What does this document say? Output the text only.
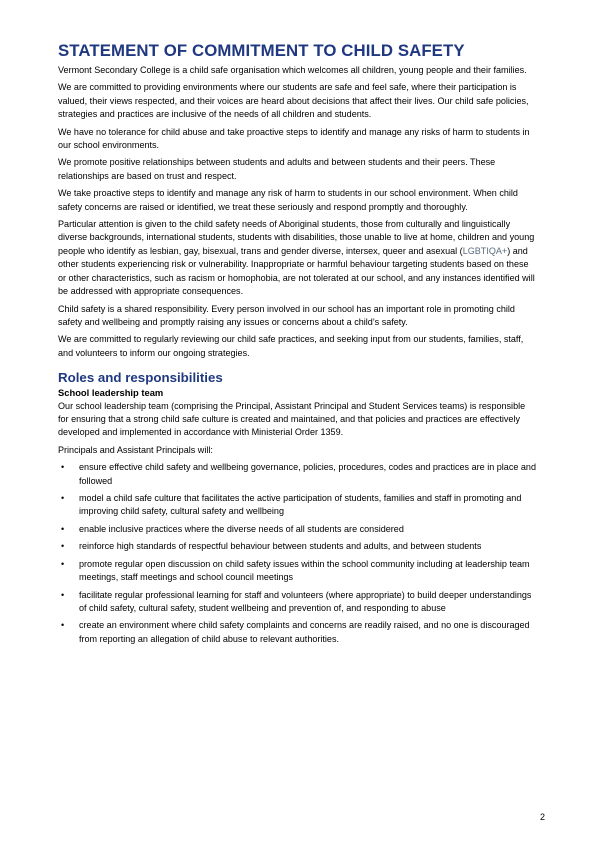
STATEMENT OF COMMITMENT TO CHILD SAFETY

Vermont Secondary College is a child safe organisation which welcomes all children, young people and their families.

We are committed to providing environments where our students are safe and feel safe, where their participation is valued, their views respected, and their voices are heard about decisions that affect their lives. Our child safe policies, strategies and practices are inclusive of the needs of all children and students.

We have no tolerance for child abuse and take proactive steps to identify and manage any risks of harm to students in our school environments.

We promote positive relationships between students and adults and between students and their peers. These relationships are based on trust and respect.

We take proactive steps to identify and manage any risk of harm to students in our school environment. When child safety concerns are raised or identified, we treat these seriously and respond promptly and thoroughly.

Particular attention is given to the child safety needs of Aboriginal students, those from culturally and linguistically diverse backgrounds, international students, students with disabilities, those unable to live at home, children and young people who identify as lesbian, gay, bisexual, trans and gender diverse, intersex, queer and asexual (LGBTIQA+) and other students experiencing risk or vulnerability. Inappropriate or harmful behaviour targeting students based on these or other characteristics, such as racism or homophobia, are not tolerated at our school, and any instances identified will be addressed with appropriate consequences.

Child safety is a shared responsibility. Every person involved in our school has an important role in promoting child safety and wellbeing and promptly raising any issues or concerns about a child’s safety.

We are committed to regularly reviewing our child safe practices, and seeking input from our students, families, staff, and volunteers to inform our ongoing strategies.

Roles and responsibilities
School leadership team

Our school leadership team (comprising the Principal, Assistant Principal and Student Services teams) is responsible for ensuring that a strong child safe culture is created and maintained, and that policies and practices are effectively developed and implemented in accordance with Ministerial Order 1359.

Principals and Assistant Principals will:

• ensure effective child safety and wellbeing governance, policies, procedures, codes and practices are in place and followed
• model a child safe culture that facilitates the active participation of students, families and staff in promoting and improving child safety, cultural safety and wellbeing
• enable inclusive practices where the diverse needs of all students are considered
• reinforce high standards of respectful behaviour between students and adults, and between students
• promote regular open discussion on child safety issues within the school community including at leadership team meetings, staff meetings and school council meetings
• facilitate regular professional learning for staff and volunteers (where appropriate) to build deeper understandings of child safety, cultural safety, student wellbeing and prevention of, and responding to abuse
• create an environment where child safety complaints and concerns are readily raised, and no one is discouraged from reporting an allegation of child abuse to relevant authorities.
2
